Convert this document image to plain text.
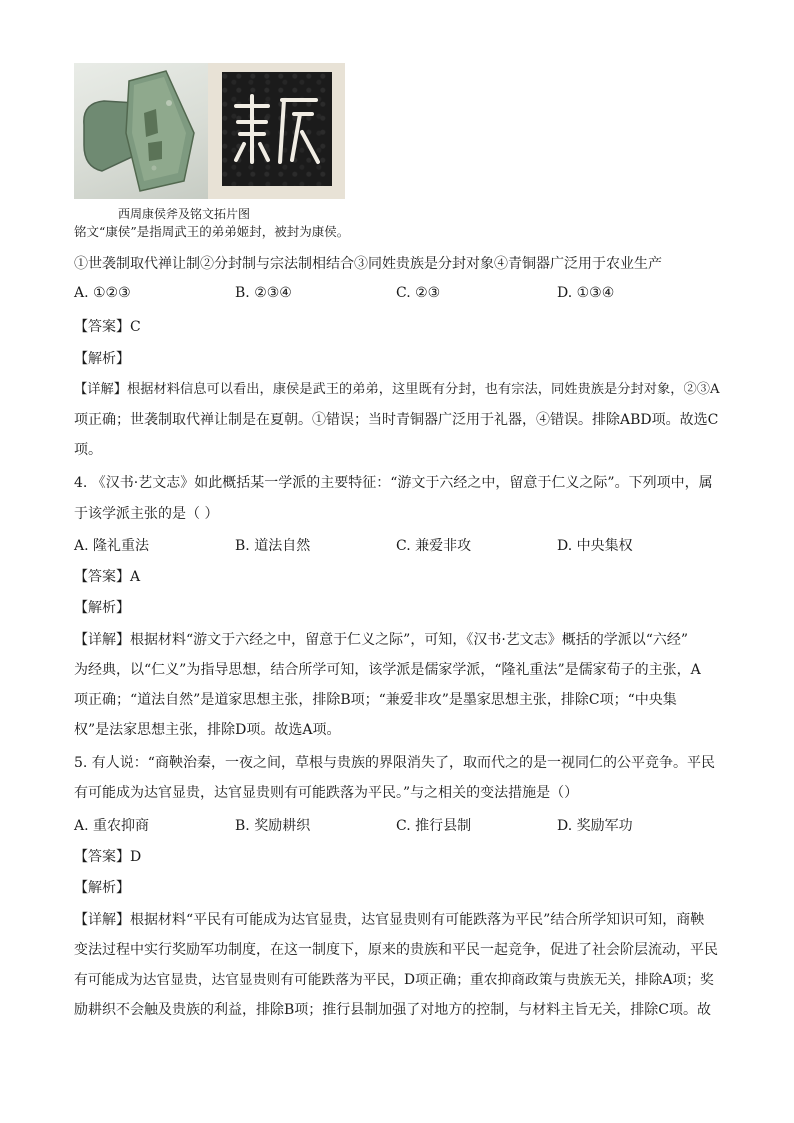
西周康侯斧及铭文拓片图
铭文“康侯”是指周武王的弟弟姬封，被封为康侯。
①世袭制取代禅让制②分封制与宗法制相结合③同姓贵族是分封对象④青铜器广泛用于农业生产
A. ①②③	B. ②③④	C. ②③	D. ①③④
【答案】C
【解析】
【详解】根据材料信息可以看出，康侯是武王的弟弟，这里既有分封，也有宗法，同姓贵族是分封对象，②③A
项正确；世袭制取代禅让制是在夏朝。①错误；当时青铜器广泛用于礼器，④错误。排除ABD项。故选C
项。
4. 《汉书·艺文志》如此概括某一学派的主要特征：“游文于六经之中，留意于仁义之际”。下列项中，属
于该学派主张的是（ ）
A. 隆礼重法	B. 道法自然	C. 兼爱非攻	D. 中央集权
【答案】A
【解析】
【详解】根据材料“游文于六经之中，留意于仁义之际”，可知，《汉书·艺文志》概括的学派以“六经”
为经典，以“仁义”为指导思想，结合所学可知，该学派是儒家学派，“隆礼重法”是儒家荀子的主张，A
项正确；“道法自然”是道家思想主张，排除B项；“兼爱非攻”是墨家思想主张，排除C项；“中央集
权”是法家思想主张，排除D项。故选A项。
5. 有人说：“商鞅治秦，一夜之间，草根与贵族的界限消失了，取而代之的是一视同仁的公平竞争。平民
有可能成为达官显贵，达官显贵则有可能跌落为平民。”与之相关的变法措施是（）
A. 重农抑商	B. 奖励耕织	C. 推行县制	D. 奖励军功
【答案】D
【解析】
【详解】根据材料“平民有可能成为达官显贵，达官显贵则有可能跌落为平民”结合所学知识可知，商鞅
变法过程中实行奖励军功制度，在这一制度下，原来的贵族和平民一起竞争，促进了社会阶层流动，平民
有可能成为达官显贵，达官显贵则有可能跌落为平民，D项正确；重农抑商政策与贵族无关，排除A项；奖
励耕织不会触及贵族的利益，排除B项；推行县制加强了对地方的控制，与材料主旨无关，排除C项。故
